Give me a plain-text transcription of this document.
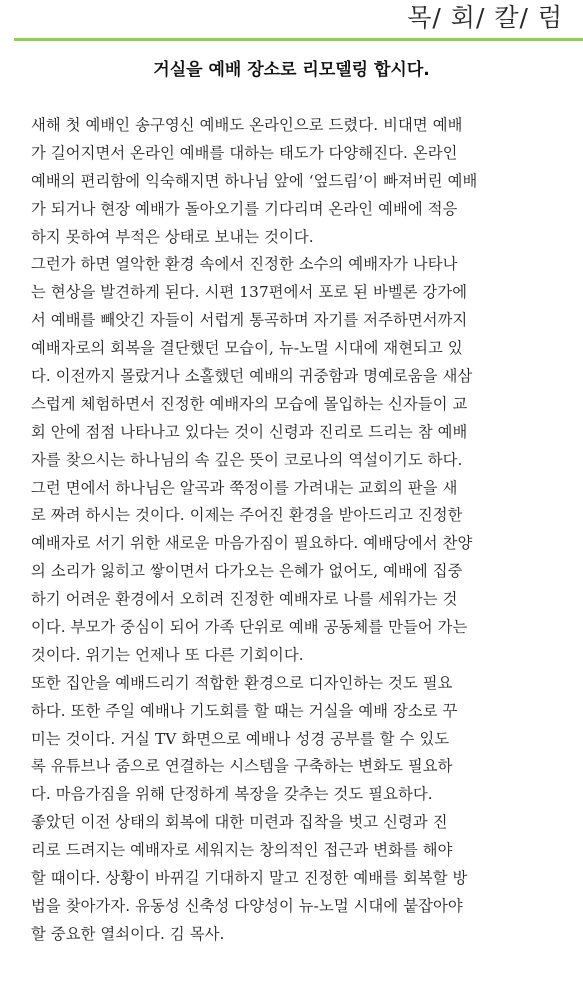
목/ 회/ 칼/ 럼
거실을 예배 장소로 리모델링 합시다.
새해 첫 예배인 송구영신 예배도 온라인으로 드렸다. 비대면 예배
가 길어지면서 온라인 예배를 대하는 태도가 다양해진다. 온라인
예배의 편리함에 익숙해지면 하나님 앞에 ‘엎드림’이 빠져버린 예배
가 되거나 현장 예배가 돌아오기를 기다리며 온라인 예배에 적응
하지 못하여 부적은 상태로 보내는 것이다.
그런가 하면 열악한 환경 속에서 진정한 소수의 예배자가 나타나
는 현상을 발견하게 된다. 시편 137편에서 포로 된 바벨론 강가에
서 예배를 빼앗긴 자들이 서럽게 통곡하며 자기를 저주하면서까지
예배자로의 회복을 결단했던 모습이, 뉴-노멀 시대에 재현되고 있
다. 이전까지 몰랐거나 소홀했던 예배의 귀중함과 명예로움을 새삼
스럽게 체험하면서 진정한 예배자의 모습에 몰입하는 신자들이 교
회 안에 점점 나타나고 있다는 것이 신령과 진리로 드리는 참 예배
자를 찾으시는 하나님의 속 깊은 뜻이 코로나의 역설이기도 하다.
그런 면에서 하나님은 알곡과 쭉정이를 가려내는 교회의 판을 새
로 짜려 하시는 것이다. 이제는 주어진 환경을 받아드리고 진정한
예배자로 서기 위한 새로운 마음가짐이 필요하다. 예배당에서 찬양
의 소리가 잃히고 쌓이면서 다가오는 은혜가 없어도, 예배에 집중
하기 어려운 환경에서 오히려 진정한 예배자로 나를 세워가는 것
이다. 부모가 중심이 되어 가족 단위로 예배 공동체를 만들어 가는
것이다. 위기는 언제나 또 다른 기회이다.
또한 집안을 예배드리기 적합한 환경으로 디자인하는 것도 필요
하다. 또한 주일 예배나 기도회를 할 때는 거실을 예배 장소로 꾸
미는 것이다. 거실 TV 화면으로 예배나 성경 공부를 할 수 있도
록 유튜브나 줌으로 연결하는 시스템을 구축하는 변화도 필요하
다. 마음가짐을 위해 단정하게 복장을 갖추는 것도 필요하다.
좋았던 이전 상태의 회복에 대한 미련과 집착을 벗고 신령과 진
리로 드려지는 예배자로 세워지는 창의적인 접근과 변화를 해야
할 때이다. 상황이 바뀌길 기대하지 말고 진정한 예배를 회복할 방
법을 찾아가자. 유동성 신축성 다양성이 뉴-노멀 시대에 붙잡아야
할 중요한 열쇠이다. 김 목사.
